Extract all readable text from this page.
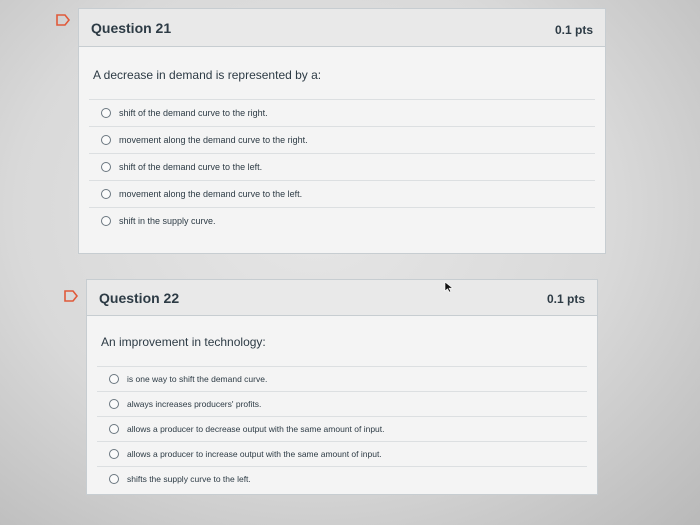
Question 21	0.1 pts
A decrease in demand is represented by a:
shift of the demand curve to the right.
movement along the demand curve to the right.
shift of the demand curve to the left.
movement along the demand curve to the left.
shift in the supply curve.
Question 22	0.1 pts
An improvement in technology:
is one way to shift the demand curve.
always increases producers' profits.
allows a producer to decrease output with the same amount of input.
allows a producer to increase output with the same amount of input.
shifts the supply curve to the left.
